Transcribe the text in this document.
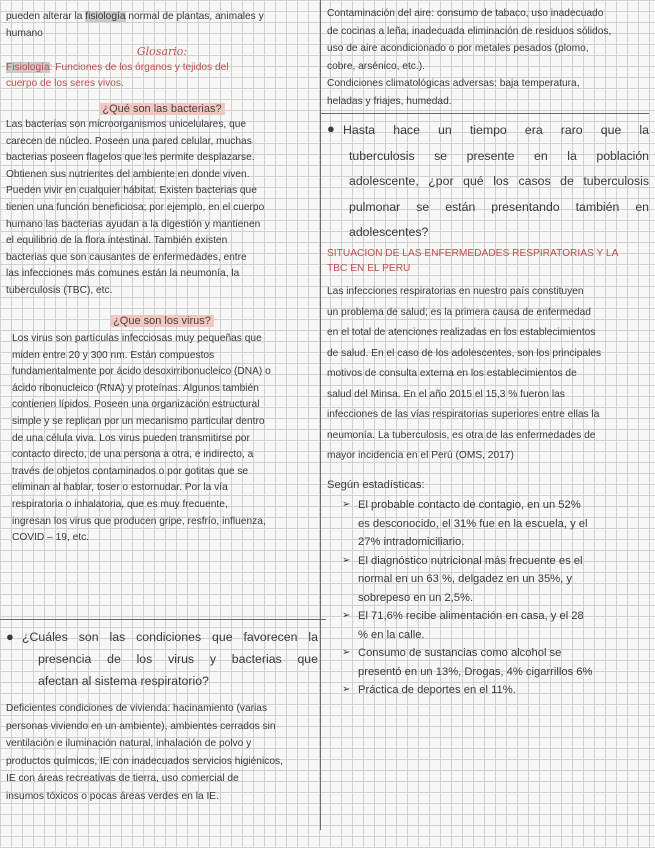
pueden alterar la fisiología normal de plantas, animales y
humano

Glosario:

Fisiología: Funciones de los órganos y tejidos del
cuerpo de los seres vivos.

¿Qué son las bacterias?
Las bacterias son microorganismos unicelulares, que
carecen de núcleo. Poseen una pared celular, muchas
bacterias poseen flagelos que les permite desplazarse.
Obtienen sus nutrientes del ambiente en donde viven.
Pueden vivir en cualquier hábitat. Existen bacterias que
tienen una función beneficiosa; por ejemplo, en el cuerpo
humano las bacterias ayudan a la digestión y mantienen
el equilibrio de la flora intestinal. También existen
bacterias que son causantes de enfermedades, entre
las infecciones más comunes están la neumonía, la
tuberculosis (TBC), etc.
¿Que son los virus?
Los virus son partículas infecciosas muy pequeñas que
miden entre 20 y 300 nm. Están compuestos
fundamentalmente por ácido desoxirribonucleico (DNA) o
ácido ribonucleico (RNA) y proteínas. Algunos también
contienen lípidos. Poseen una organización estructural
simple y se replican por un mecanismo particular dentro
de una célula viva. Los virus pueden transmitirse por
contacto directo, de una persona a otra, e indirecto, a
través de objetos contaminados o por gotitas que se
eliminan al hablar, toser o estornudar. Por la vía
respiratoria o inhalatoria, que es muy frecuente,
ingresan los virus que producen gripe, resfrío, influenza,
COVID – 19, etc.
● ¿Cuáles son las condiciones que favorecen la
presencia de los virus y bacterias que
afectan al sistema respiratorio?
Deficientes condiciones de vivienda: hacinamiento (varias
personas viviendo en un ambiente), ambientes cerrados sin
ventilación e iluminación natural, inhalación de polvo y
productos químicos, IE con inadecuados servicios higiénicos,
IE con áreas recreativas de tierra, uso comercial de
insumos tóxicos o pocas áreas verdes en la IE.
Contaminación del aire: consumo de tabaco, uso inadecuado
de cocinas a leña, inadecuada eliminación de residuos sólidos,
uso de aire acondicionado o por metales pesados (plomo,
cobre, arsénico, etc.).
Condiciones climatológicas adversas: baja temperatura,
heladas y friajes, humedad.
● Hasta hace un tiempo era raro que la
tuberculosis se presente en la población
adolescente, ¿por qué los casos de tuberculosis
pulmonar se están presentando también en
adolescentes?

SITUACION DE LAS ENFERMEDADES RESPIRATORIAS Y LA
TBC EN EL PERU

Las infecciones respiratorias en nuestro país constituyen
un problema de salud; es la primera causa de enfermedad
en el total de atenciones realizadas en los establecimientos
de salud. En el caso de los adolescentes, son los principales
motivos de consulta externa en los establecimientos de
salud del Minsa. En el año 2015 el 15,3 % fueron las
infecciones de las vías respiratorias superiores entre ellas la
neumonía. La tuberculosis, es otra de las enfermedades de
mayor incidencia en el Perú (OMS, 2017)

Según estadísticas:

➢ El probable contacto de contagio, en un 52%
es desconocido, el 31% fue en la escuela, y el
27% intradomiciliario.
➢ El diagnóstico nutricional más frecuente es el
normal en un 63 %, delgadez en un 35%, y
sobrepeso en un 2,5%.
➢ El 71,6% recibe alimentación en casa, y el 28
% en la calle.
➢ Consumo de sustancias como alcohol se
presentó en un 13%, Drogas, 4% cigarrillos 6%
➢ Práctica de deportes en el 11%.
